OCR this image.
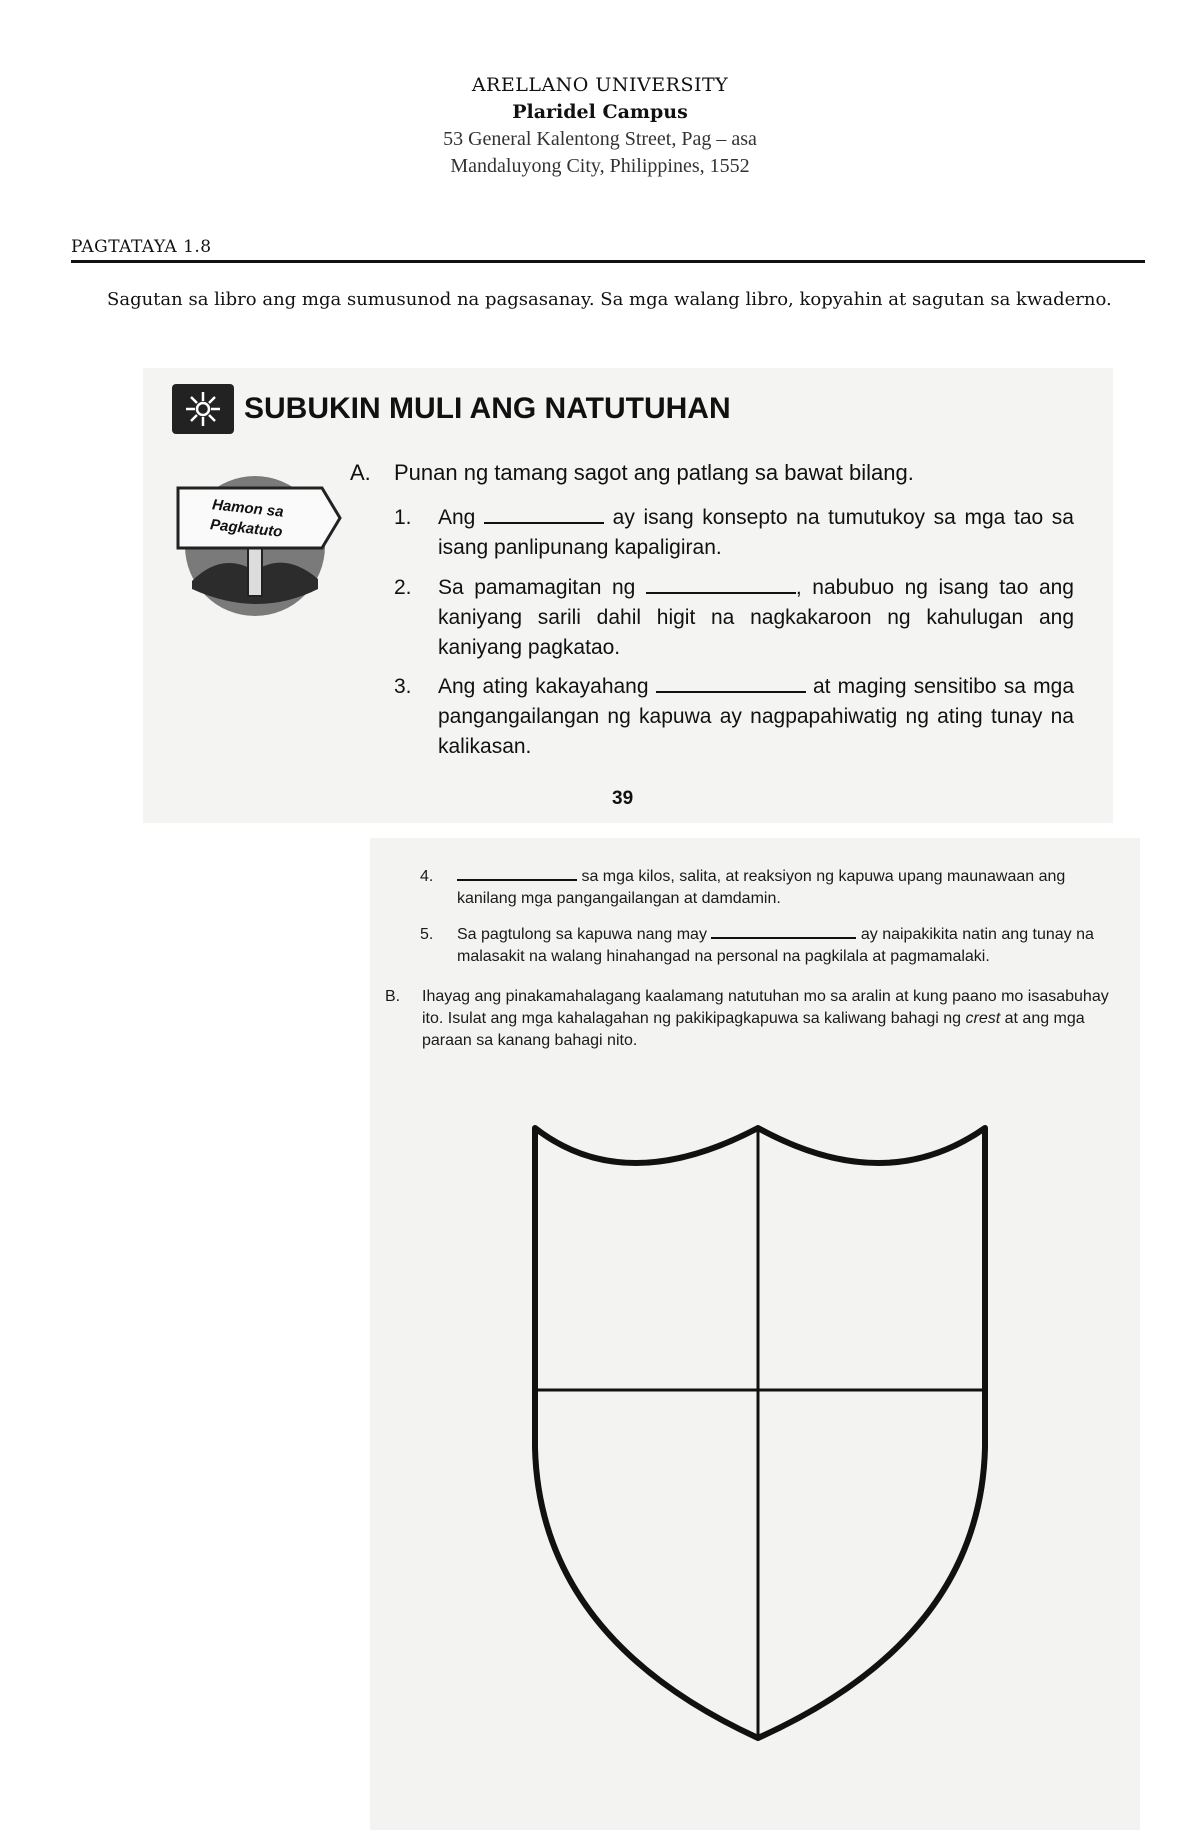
ARELLANO UNIVERSITY
Plaridel Campus
53 General Kalentong Street, Pag – asa
Mandaluyong City, Philippines, 1552
PAGTATAYA 1.8
Sagutan sa libro ang mga sumusunod na pagsasanay. Sa mga walang libro, kopyahin at sagutan sa kwaderno.
SUBUKIN MULI ANG NATUTUHAN
Hamon sa
Pagkatuto
A. Punan ng tamang sagot ang patlang sa bawat bilang.
1. Ang	ay isang konsepto na tumutukoy sa mga tao sa isang panlipunang kapaligiran.
2. Sa pamamagitan ng	, nabubuo ng isang tao ang kaniyang sarili dahil higit na nagkakaroon ng kahulugan ang kaniyang pagkatao.
3. Ang ating kakayahang	at maging sensitibo sa mga pangangailangan ng kapuwa ay nagpapahiwatig ng ating tunay na kalikasan.
39
4.	sa mga kilos, salita, at reaksiyon ng kapuwa upang maunawaan ang kanilang mga pangangailangan at damdamin.
5. Sa pagtulong sa kapuwa nang may	ay naipakikita natin ang tunay na malasakit na walang hinahangad na personal na pagkilala at pagmamalaki.
B. Ihayag ang pinakamahalagang kaalamang natutuhan mo sa aralin at kung paano mo isasabuhay ito. Isulat ang mga kahalagahan ng pakikipagkapuwa sa kaliwang bahagi ng crest at ang mga paraan sa kanang bahagi nito.
